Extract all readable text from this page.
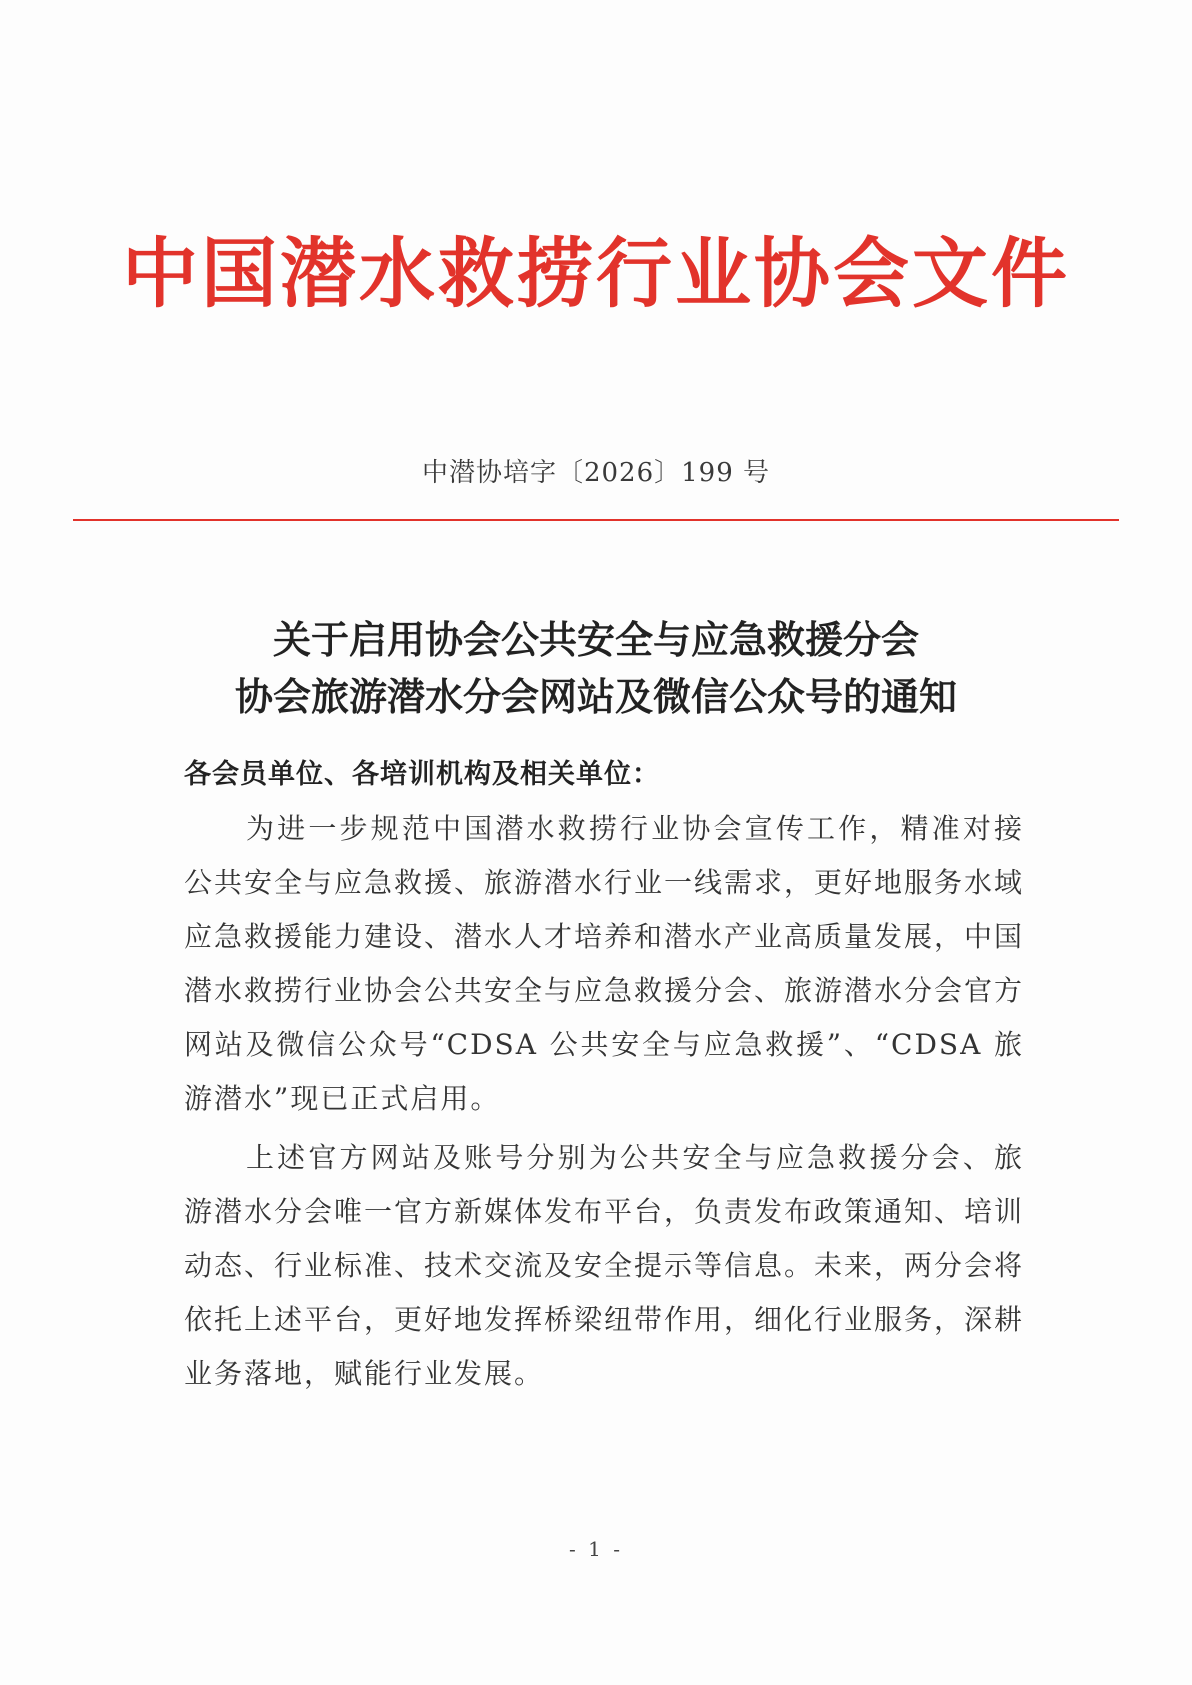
中国潜水救捞行业协会文件
中潜协培字〔2026〕199 号
关于启用协会公共安全与应急救援分会
协会旅游潜水分会网站及微信公众号的通知
各会员单位、各培训机构及相关单位：

为进一步规范中国潜水救捞行业协会宣传工作，精准对接公共安全与应急救援、旅游潜水行业一线需求，更好地服务水域应急救援能力建设、潜水人才培养和潜水产业高质量发展，中国潜水救捞行业协会公共安全与应急救援分会、旅游潜水分会官方网站及微信公众号“CDSA 公共安全与应急救援”、“CDSA 旅游潜水”现已正式启用。

上述官方网站及账号分别为公共安全与应急救援分会、旅游潜水分会唯一官方新媒体发布平台，负责发布政策通知、培训动态、行业标准、技术交流及安全提示等信息。未来，两分会将依托上述平台，更好地发挥桥梁纽带作用，细化行业服务，深耕业务落地，赋能行业发展。

- 1 -
